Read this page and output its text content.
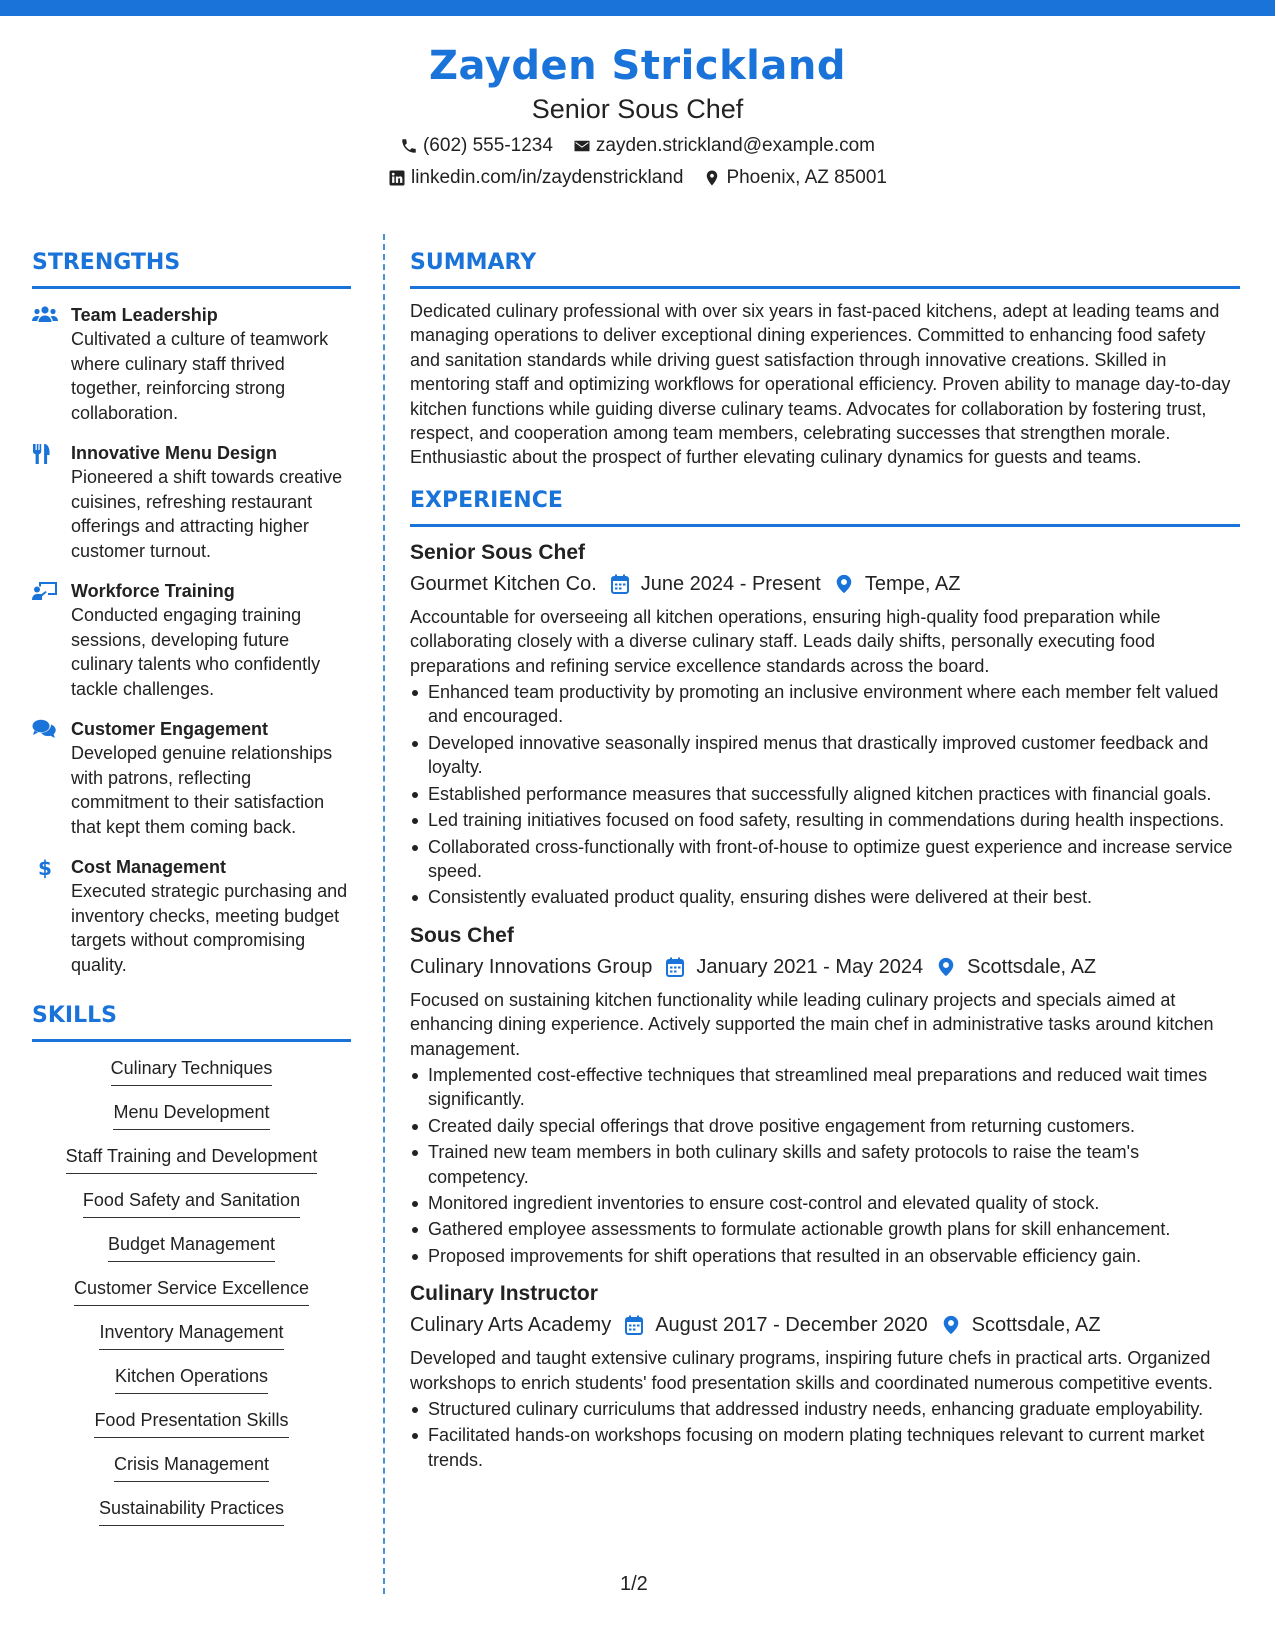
Zayden Strickland
Senior Sous Chef
(602) 555-1234 zayden.strickland@example.com
linkedin.com/in/zaydenstrickland Phoenix, AZ 85001
STRENGTHS
Team Leadership
Cultivated a culture of teamwork where culinary staff thrived together, reinforcing strong collaboration.
Innovative Menu Design
Pioneered a shift towards creative cuisines, refreshing restaurant offerings and attracting higher customer turnout.
Workforce Training
Conducted engaging training sessions, developing future culinary talents who confidently tackle challenges.
Customer Engagement
Developed genuine relationships with patrons, reflecting commitment to their satisfaction that kept them coming back.
$	Cost Management
Executed strategic purchasing and inventory checks, meeting budget targets without compromising quality.
SKILLS
Culinary Techniques
Menu Development
Staff Training and Development
Food Safety and Sanitation
Budget Management
Customer Service Excellence
Inventory Management
Kitchen Operations
Food Presentation Skills
Crisis Management
Sustainability Practices
SUMMARY
Dedicated culinary professional with over six years in fast-paced kitchens, adept at leading teams and managing operations to deliver exceptional dining experiences. Committed to enhancing food safety and sanitation standards while driving guest satisfaction through innovative creations. Skilled in mentoring staff and optimizing workflows for operational efficiency. Proven ability to manage day-to-day kitchen functions while guiding diverse culinary teams. Advocates for collaboration by fostering trust, respect, and cooperation among team members, celebrating successes that strengthen morale. Enthusiastic about the prospect of further elevating culinary dynamics for guests and teams.
EXPERIENCE
Senior Sous Chef
Gourmet Kitchen Co. June 2024 - Present Tempe, AZ
Accountable for overseeing all kitchen operations, ensuring high-quality food preparation while collaborating closely with a diverse culinary staff. Leads daily shifts, personally executing food preparations and refining service excellence standards across the board.
Enhanced team productivity by promoting an inclusive environment where each member felt valued and encouraged.
Developed innovative seasonally inspired menus that drastically improved customer feedback and loyalty.
Established performance measures that successfully aligned kitchen practices with financial goals.
Led training initiatives focused on food safety, resulting in commendations during health inspections.
Collaborated cross-functionally with front-of-house to optimize guest experience and increase service speed.
Consistently evaluated product quality, ensuring dishes were delivered at their best.
Sous Chef
Culinary Innovations Group January 2021 - May 2024 Scottsdale, AZ
Focused on sustaining kitchen functionality while leading culinary projects and specials aimed at enhancing dining experience. Actively supported the main chef in administrative tasks around kitchen management.
Implemented cost-effective techniques that streamlined meal preparations and reduced wait times significantly.
Created daily special offerings that drove positive engagement from returning customers.
Trained new team members in both culinary skills and safety protocols to raise the team's competency.
Monitored ingredient inventories to ensure cost-control and elevated quality of stock.
Gathered employee assessments to formulate actionable growth plans for skill enhancement.
Proposed improvements for shift operations that resulted in an observable efficiency gain.
Culinary Instructor
Culinary Arts Academy August 2017 - December 2020 Scottsdale, AZ
Developed and taught extensive culinary programs, inspiring future chefs in practical arts. Organized workshops to enrich students' food presentation skills and coordinated numerous competitive events.
Structured culinary curriculums that addressed industry needs, enhancing graduate employability.
Facilitated hands-on workshops focusing on modern plating techniques relevant to current market trends.
1/2
